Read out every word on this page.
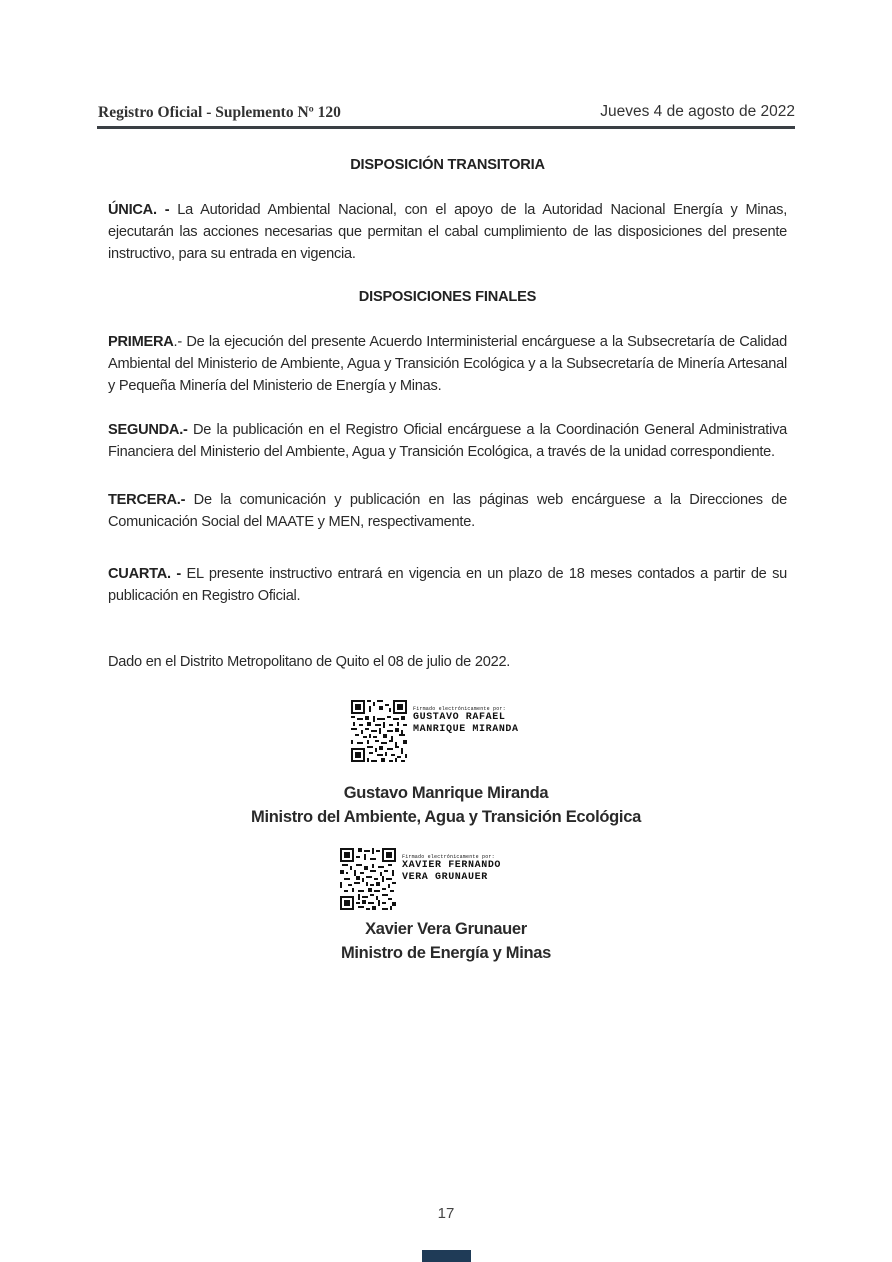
Registro Oficial - Suplemento Nº 120	Jueves 4 de agosto de 2022
DISPOSICIÓN TRANSITORIA
ÚNICA. - La Autoridad Ambiental Nacional, con el apoyo de la Autoridad Nacional Energía y Minas, ejecutarán las acciones necesarias que permitan el cabal cumplimiento de las disposiciones del presente instructivo, para su entrada en vigencia.
DISPOSICIONES FINALES
PRIMERA.- De la ejecución del presente Acuerdo Interministerial encárguese a la Subsecretaría de Calidad Ambiental del Ministerio de Ambiente, Agua y Transición Ecológica y a la Subsecretaría de Minería Artesanal y Pequeña Minería del Ministerio de Energía y Minas.
SEGUNDA.- De la publicación en el Registro Oficial encárguese a la Coordinación General Administrativa Financiera del Ministerio del Ambiente, Agua y Transición Ecológica, a través de la unidad correspondiente.
TERCERA.- De la comunicación y publicación en las páginas web encárguese a la Direcciones de Comunicación Social del MAATE y MEN, respectivamente.
CUARTA. - EL presente instructivo entrará en vigencia en un plazo de 18 meses contados a partir de su publicación en Registro Oficial.
Dado en el Distrito Metropolitano de Quito el 08 de julio de 2022.
Firmado electrónicamente por:
GUSTAVO RAFAEL
MANRIQUE MIRANDA
Gustavo Manrique Miranda
Ministro del Ambiente, Agua y Transición Ecológica
Firmado electrónicamente por:
XAVIER FERNANDO
VERA GRUNAUER
Xavier Vera Grunauer
Ministro de Energía y Minas
17
